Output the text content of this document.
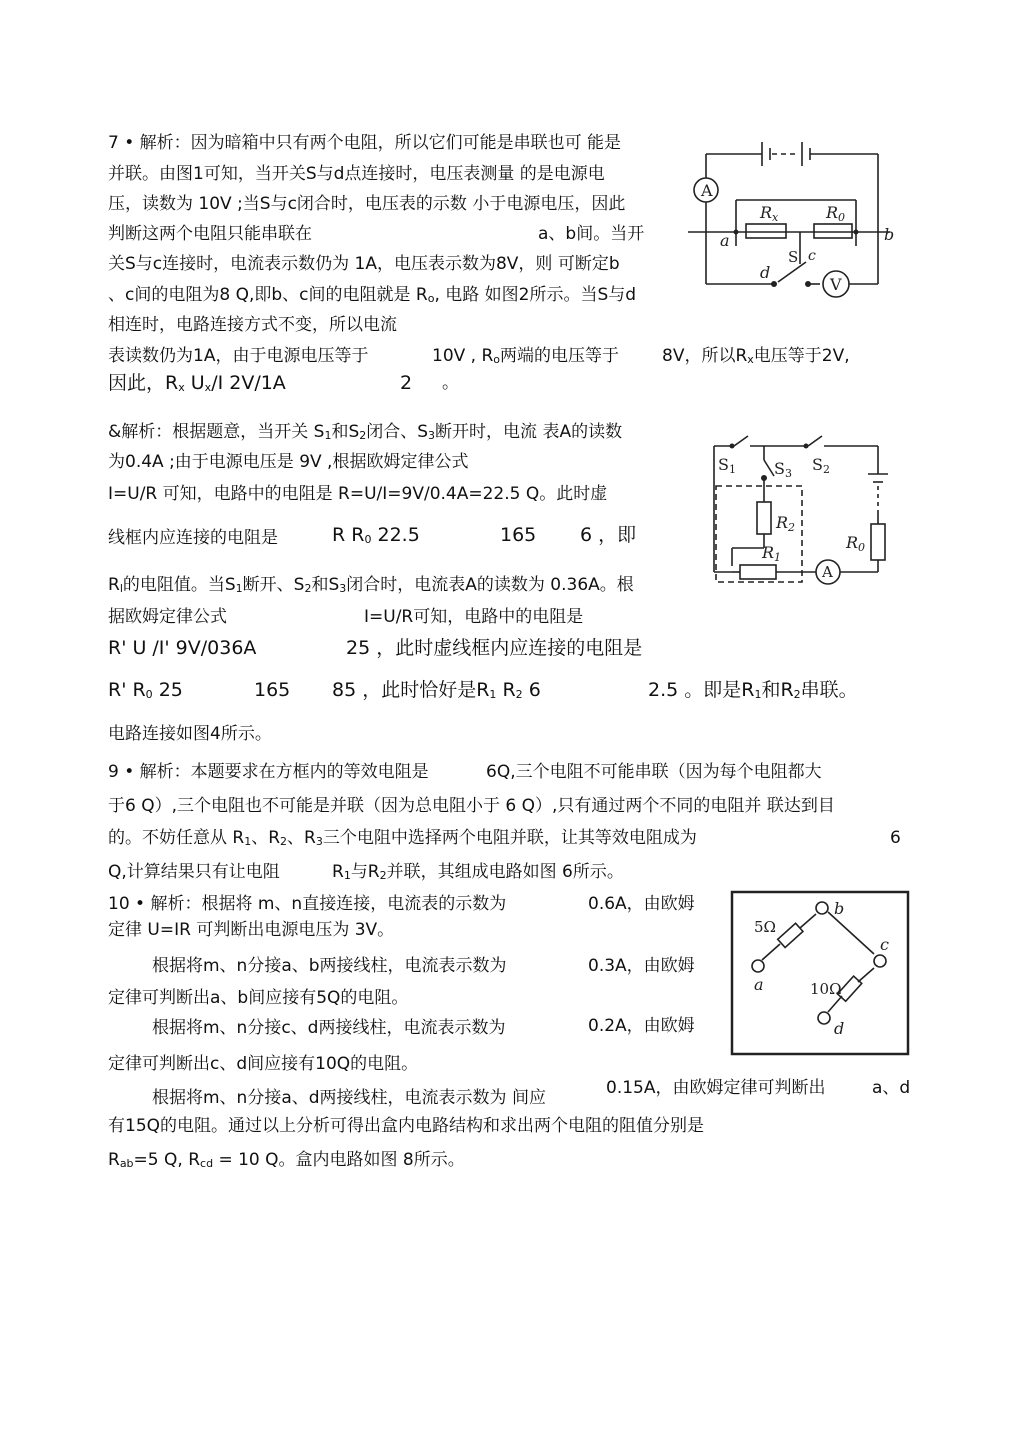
7 • 解析：因为暗箱中只有两个电阻，所以它们可能是串联也可 能是
并联。由图1可知，当开关S与d点连接时，电压表测量 的是电源电
压，读数为 10V ;当S与c闭合时，电压表的示数 小于电源电压，因此
判断这两个电阻只能串联在	a、b间。当开
关S与c连接时，电流表示数仍为 1A，电压表示数为8V，则 可断定b
、c间的电阻为8 Q,即b、c间的电阻就是 Ro, 电路 如图2所示。当S与d
相连时，电路连接方式不变，所以电流
表读数仍为1A，由于电源电压等于	10V , Ro两端的电压等于	8V，所以Rx电压等于2V,
因此，Rx Ux/I 2V/1A	2 。
A
V
Rx	R0
a	b
S c
d
&解析：根据题意，当开关 S1和S2闭合、S3断开时，电流 表A的读数
为0.4A ;由于电源电压是 9V ,根据欧姆定律公式
I=U/R 可知，电路中的电阻是 R=U/I=9V/0.4A=22.5 Q。此时虚
线框内应连接的电阻是	R R0 22.5	165 6 ，即
Rl的电阻值。当S1断开、S2和S3闭合时，电流表A的读数为 0.36A。根
据欧姆定律公式	I=U/R可知，电路中的电阻是
R' U /I' 9V/036A	25 ，此时虚线框内应连接的电阻是
R' R0 25	165 85 ，此时恰好是R1 R2 6	2.5 。即是R1和R2串联。
电路连接如图4所示。
A
S1 S3 S2
R2
R1
R0
9 • 解析：本题要求在方框内的等效电阻是	6Q,三个电阻不可能串联（因为每个电阻都大
于6 Q）,三个电阻也不可能是并联（因为总电阻小于 6 Q）,只有通过两个不同的电阻并 联达到目
的。不妨任意从 R1、R2、R3三个电阻中选择两个电阻并联，让其等效电阻成为	6
Q,计算结果只有让电阻	R1与R2并联，其组成电路如图 6所示。
10 • 解析：根据将 m、n直接连接，电流表的示数为	0.6A，由欧姆
定律 U=IR 可判断出电源电压为 3V。
根据将m、n分接a、b两接线柱，电流表示数为	0.3A，由欧姆
定律可判断出a、b间应接有5Q的电阻。
根据将m、n分接c、d两接线柱，电流表示数为	0.2A，由欧姆
定律可判断出c、d间应接有10Q的电阻。
根据将m、n分接a、d两接线柱，电流表示数为 间应	0.15A，由欧姆定律可判断出	a、d
有15Q的电阻。通过以上分析可得出盒内电路结构和求出两个电阻的阻值分别是
Rab=5 Q, Rcd = 10 Q。盒内电路如图 8所示。
5Ω
10Ω
a
b
c
d
